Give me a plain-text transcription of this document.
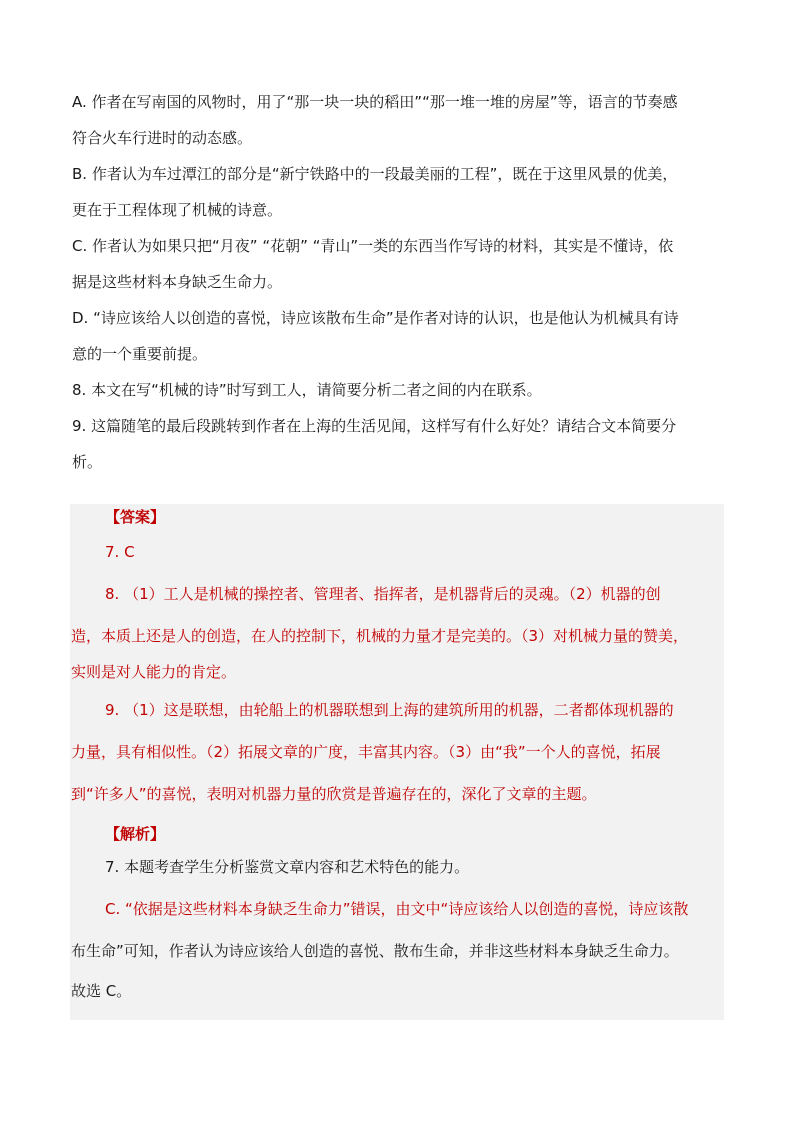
A. 作者在写南国的风物时，用了“那一块一块的稻田”“那一堆一堆的房屋”等，语言的节奏感
符合火车行进时的动态感。
B. 作者认为车过潭江的部分是“新宁铁路中的一段最美丽的工程”，既在于这里风景的优美，
更在于工程体现了机械的诗意。
C. 作者认为如果只把“月夜” “花朝” “青山”一类的东西当作写诗的材料，其实是不懂诗，依
据是这些材料本身缺乏生命力。
D. “诗应该给人以创造的喜悦，诗应该散布生命”是作者对诗的认识，也是他认为机械具有诗
意的一个重要前提。
8. 本文在写“机械的诗”时写到工人，请简要分析二者之间的内在联系。
9. 这篇随笔的最后段跳转到作者在上海的生活见闻，这样写有什么好处？请结合文本简要分
析。
【答案】
7. C
8. （1）工人是机械的操控者、管理者、指挥者，是机器背后的灵魂。（2）机器的创
造，本质上还是人的创造，在人的控制下，机械的力量才是完美的。（3）对机械力量的赞美，
实则是对人能力的肯定。
9. （1）这是联想，由轮船上的机器联想到上海的建筑所用的机器，二者都体现机器的
力量，具有相似性。（2）拓展文章的广度，丰富其内容。（3）由“我”一个人的喜悦，拓展
到“许多人”的喜悦，表明对机器力量的欣赏是普遍存在的，深化了文章的主题。
【解析】
7. 本题考查学生分析鉴赏文章内容和艺术特色的能力。
C. “依据是这些材料本身缺乏生命力”错误，由文中“诗应该给人以创造的喜悦，诗应该散
布生命”可知，作者认为诗应该给人创造的喜悦、散布生命，并非这些材料本身缺乏生命力。
故选 C。
